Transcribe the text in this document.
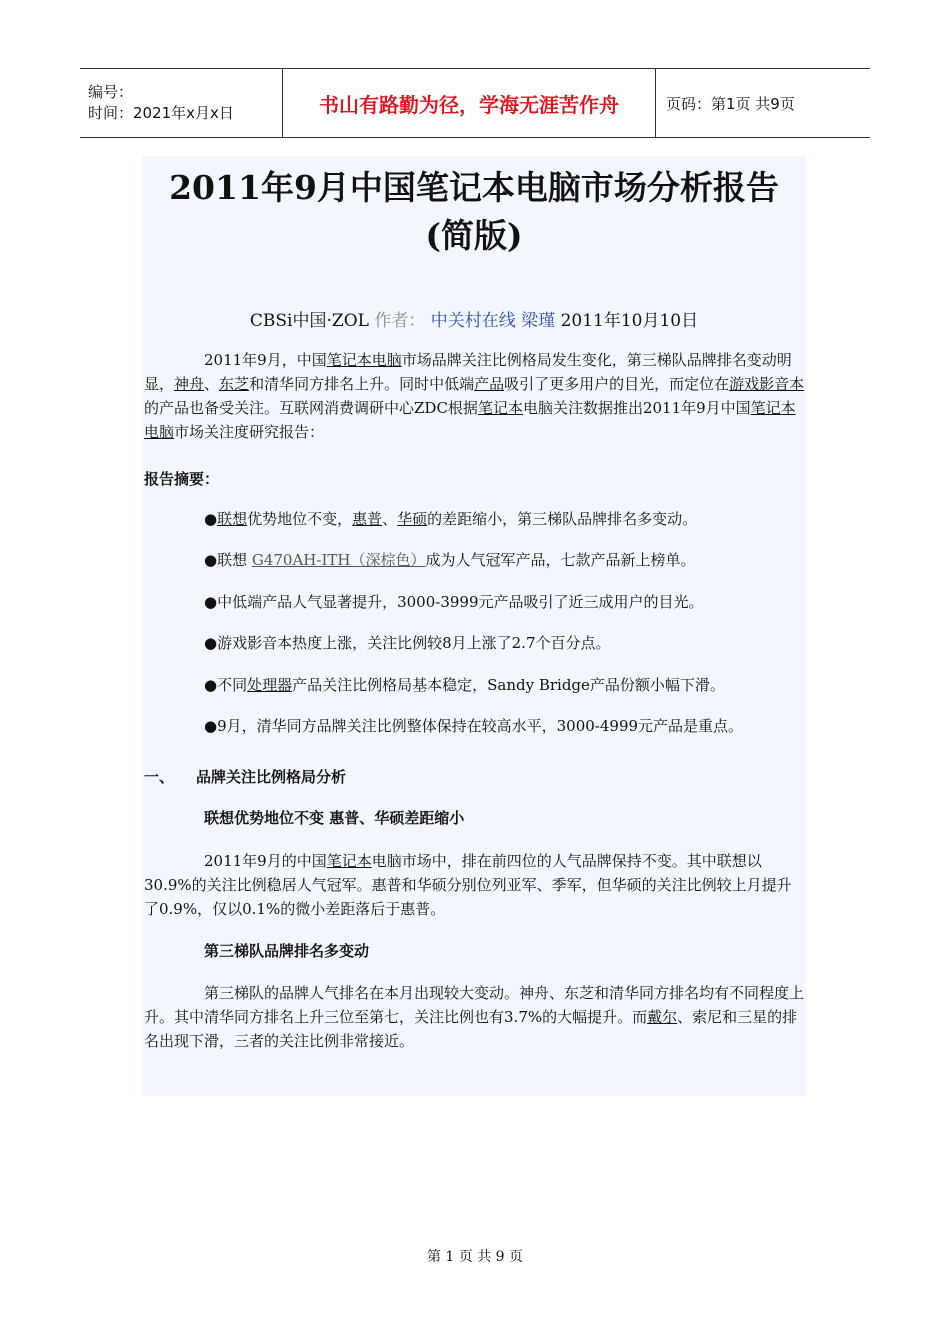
编号：
时间：2021年x月x日	书山有路勤为径，学海无涯苦作舟	页码：第1页 共9页
2011年9月中国笔记本电脑市场分析报告
(简版)
CBSi中国·ZOL 作者： 中关村在线 梁瑾 2011年10月10日
2011年9月，中国笔记本电脑市场品牌关注比例格局发生变化，第三梯队品牌排名变动明显，神舟、东芝和清华同方排名上升。同时中低端产品吸引了更多用户的目光，而定位在游戏影音本的产品也备受关注。互联网消费调研中心ZDC根据笔记本电脑关注数据推出2011年9月中国笔记本电脑市场关注度研究报告：
报告摘要：
●联想优势地位不变，惠普、华硕的差距缩小，第三梯队品牌排名多变动。
●联想 G470AH-ITH（深棕色）成为人气冠军产品，七款产品新上榜单。
●中低端产品人气显著提升，3000-3999元产品吸引了近三成用户的目光。
●游戏影音本热度上涨，关注比例较8月上涨了2.7个百分点。
●不同处理器产品关注比例格局基本稳定，Sandy Bridge产品份额小幅下滑。
●9月，清华同方品牌关注比例整体保持在较高水平，3000-4999元产品是重点。
一、 品牌关注比例格局分析
联想优势地位不变 惠普、华硕差距缩小
2011年9月的中国笔记本电脑市场中，排在前四位的人气品牌保持不变。其中联想以30.9%的关注比例稳居人气冠军。惠普和华硕分别位列亚军、季军，但华硕的关注比例较上月提升了0.9%，仅以0.1%的微小差距落后于惠普。
第三梯队品牌排名多变动
第三梯队的品牌人气排名在本月出现较大变动。神舟、东芝和清华同方排名均有不同程度上升。其中清华同方排名上升三位至第七，关注比例也有3.7%的大幅提升。而戴尔、索尼和三星的排名出现下滑，三者的关注比例非常接近。
第 1 页 共 9 页
